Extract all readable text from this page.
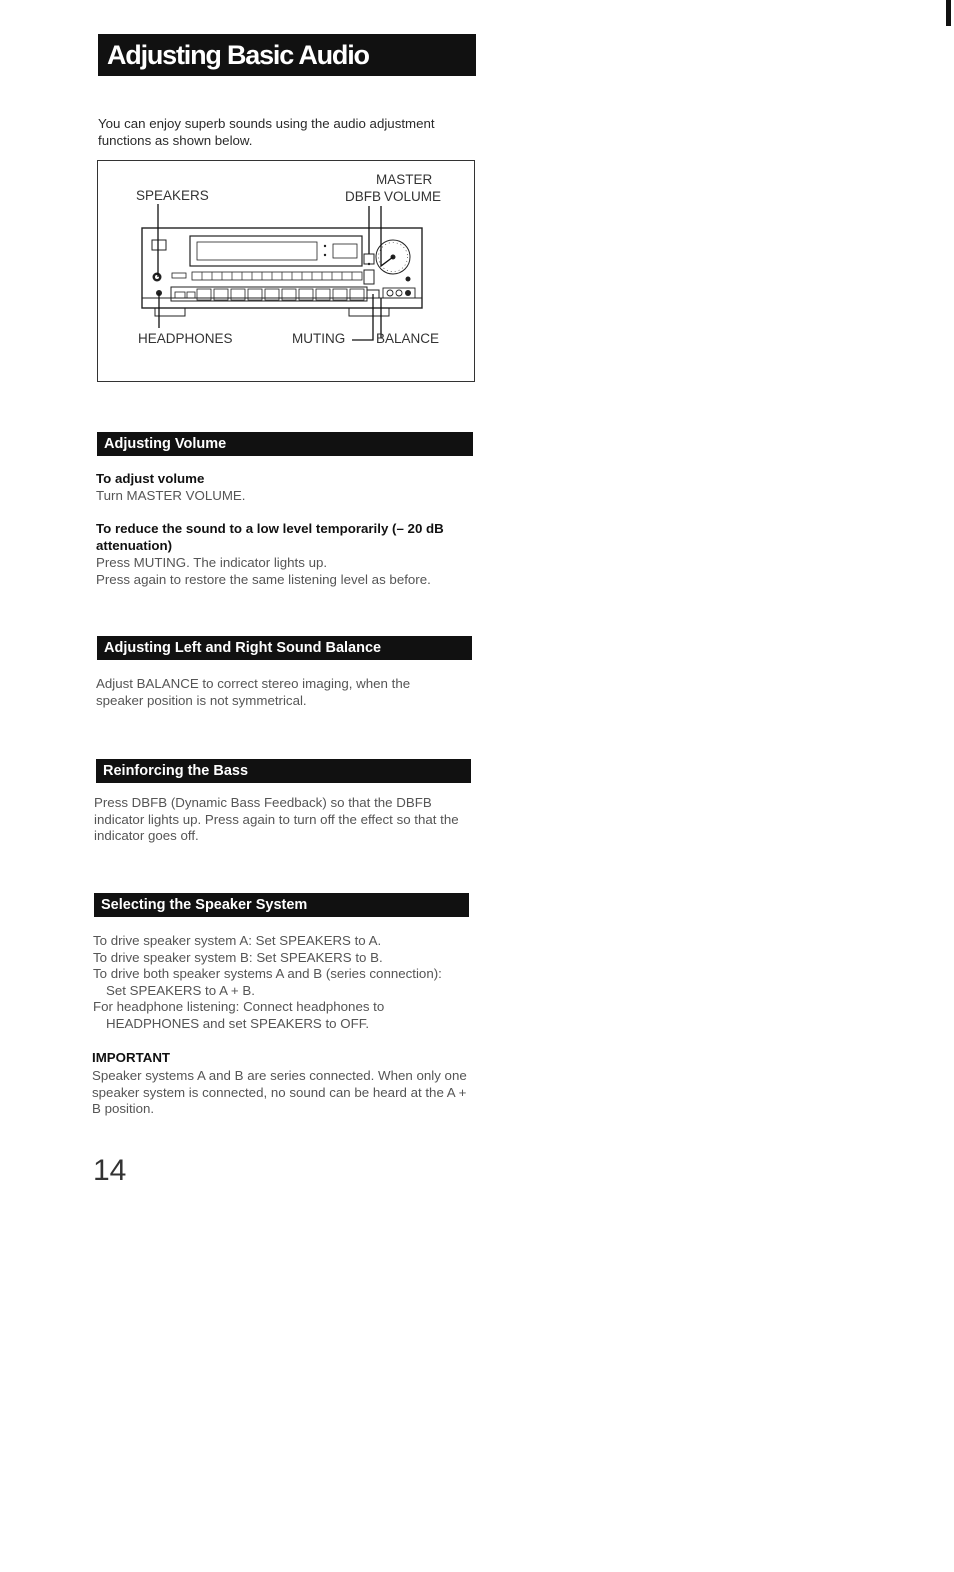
Adjusting Basic Audio Controls

You can enjoy superb sounds using the audio adjustment functions as shown below.

SPEAKERS
MASTER
DBFB VOLUME
HEADPHONES	MUTING BALANCE
Adjusting Volume

To adjust volume

Turn MASTER VOLUME.

To reduce the sound to a low level temporarily (– 20 dB attenuation)

Press MUTING. The indicator lights up.

Press again to restore the same listening level as before.

Adjusting Left and Right Sound Balance

Adjust BALANCE to correct stereo imaging, when the speaker position is not symmetrical.

Reinforcing the Bass

Press DBFB (Dynamic Bass Feedback) so that the DBFB indicator lights up. Press again to turn off the effect so that the indicator goes off.

Selecting the Speaker System
To drive speaker system A: Set SPEAKERS to A.
To drive speaker system B: Set SPEAKERS to B.
To drive both speaker systems A and B (series connection):
Set SPEAKERS to A + B.
For headphone listening: Connect headphones to
HEADPHONES and set SPEAKERS to OFF.

IMPORTANT

Speaker systems A and B are series connected. When only one speaker system is connected, no sound can be heard at the A + B position.

14
